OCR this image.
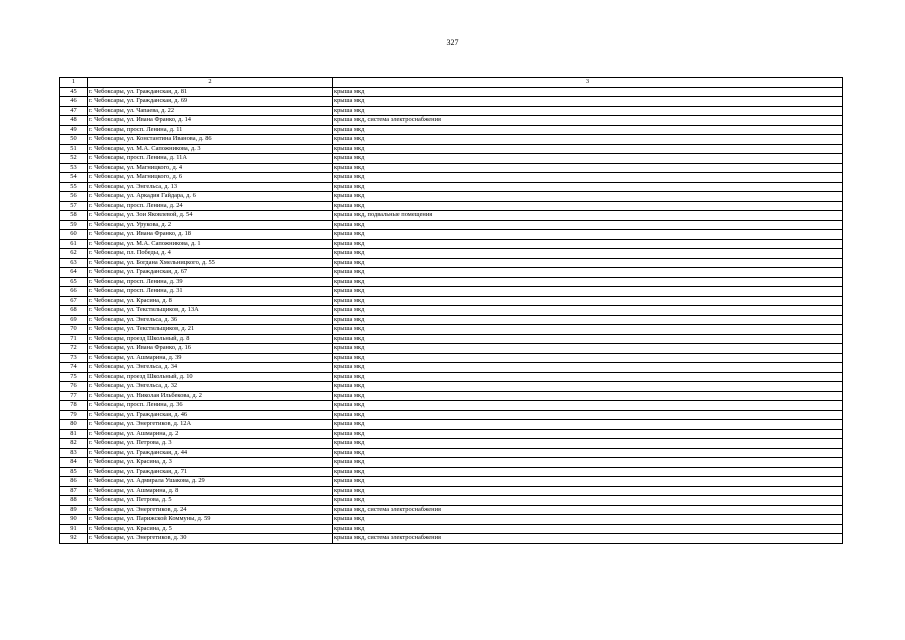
327
1	2	3
45	г. Чебоксары, ул. Гражданская, д. 81	крыша мкд
46	г. Чебоксары, ул. Гражданская, д. 69	крыша мкд
47	г. Чебоксары, ул. Чапаева, д. 22	крыша мкд
48	г. Чебоксары, ул. Ивана Франко, д. 14	крыша мкд, система электроснабжения
49	г. Чебоксары, просп. Ленина, д. 11	крыша мкд
50	г. Чебоксары, ул. Константина Иванова, д. 86	крыша мкд
51	г. Чебоксары, ул. М.А. Сапожникова, д. 3	крыша мкд
52	г. Чебоксары, просп. Ленина, д. 11А	крыша мкд
53	г. Чебоксары, ул. Магницкого, д. 4	крыша мкд
54	г. Чебоксары, ул. Магницкого, д. 6	крыша мкд
55	г. Чебоксары, ул. Энгельса, д. 13	крыша мкд
56	г. Чебоксары, ул. Аркадия Гайдара, д. 6	крыша мкд
57	г. Чебоксары, просп. Ленина, д. 24	крыша мкд
58	г. Чебоксары, ул. Зои Яковлевой, д. 54	крыша мкд, подвальные помещения
59	г. Чебоксары, ул. Урукова, д. 2	крыша мкд
60	г. Чебоксары, ул. Ивана Франко, д. 18	крыша мкд
61	г. Чебоксары, ул. М.А. Сапожникова, д. 1	крыша мкд
62	г. Чебоксары, пл. Победы, д. 4	крыша мкд
63	г. Чебоксары, ул. Богдана Хмельницкого, д. 55	крыша мкд
64	г. Чебоксары, ул. Гражданская, д. 67	крыша мкд
65	г. Чебоксары, просп. Ленина, д. 39	крыша мкд
66	г. Чебоксары, просп. Ленина, д. 31	крыша мкд
67	г. Чебоксары, ул. Красина, д. 8	крыша мкд
68	г. Чебоксары, ул. Текстильщиков, д. 13А	крыша мкд
69	г. Чебоксары, ул. Энгельса, д. 36	крыша мкд
70	г. Чебоксары, ул. Текстильщиков, д. 21	крыша мкд
71	г. Чебоксары, проезд Школьный, д. 8	крыша мкд
72	г. Чебоксары, ул. Ивана Франко, д. 16	крыша мкд
73	г. Чебоксары, ул. Ашмарина, д. 39	крыша мкд
74	г. Чебоксары, ул. Энгельса, д. 34	крыша мкд
75	г. Чебоксары, проезд Школьный, д. 10	крыша мкд
76	г. Чебоксары, ул. Энгельса, д. 32	крыша мкд
77	г. Чебоксары, ул. Николая Ильбекова, д. 2	крыша мкд
78	г. Чебоксары, просп. Ленина, д. 36	крыша мкд
79	г. Чебоксары, ул. Гражданская, д. 46	крыша мкд
80	г. Чебоксары, ул. Энергетиков, д. 12А	крыша мкд
81	г. Чебоксары, ул. Ашмарина, д. 2	крыша мкд
82	г. Чебоксары, ул. Петрова, д. 3	крыша мкд
83	г. Чебоксары, ул. Гражданская, д. 44	крыша мкд
84	г. Чебоксары, ул. Красина, д. 3	крыша мкд
85	г. Чебоксары, ул. Гражданская, д. 71	крыша мкд
86	г. Чебоксары, ул. Адмирала Ушакова, д. 29	крыша мкд
87	г. Чебоксары, ул. Ашмарина, д. 8	крыша мкд
88	г. Чебоксары, ул. Петрова, д. 5	крыша мкд
89	г. Чебоксары, ул. Энергетиков, д. 24	крыша мкд, система электроснабжения
90	г. Чебоксары, ул. Парижской Коммуны, д. 59	крыша мкд
91	г. Чебоксары, ул. Красина, д. 5	крыша мкд
92	г. Чебоксары, ул. Энергетиков, д. 30	крыша мкд, система электроснабжения
